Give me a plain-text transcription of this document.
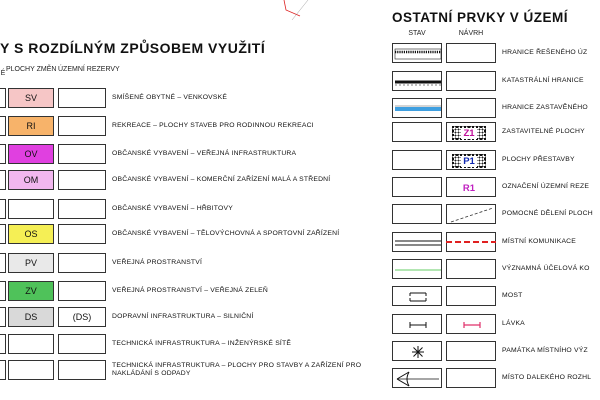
Y S ROZDÍLNÝM ZPŮSOBEM VYUŽITÍ
É
PLOCHY ZMĚN ÚZEMNÍ REZERVY
SV	SMÍŠENÉ OBYTNÉ – VENKOVSKÉ
RI	REKREACE – PLOCHY STAVEB PRO RODINNOU REKREACI
OV	OBČANSKÉ VYBAVENÍ – VEŘEJNÁ INFRASTRUKTURA
OM	OBČANSKÉ VYBAVENÍ – KOMERČNÍ ZAŘÍZENÍ MALÁ A STŘEDNÍ
OBČANSKÉ VYBAVENÍ – HŘBITOVY
OS	OBČANSKÉ VYBAVENÍ – TĚLOVÝCHOVNÁ A SPORTOVNÍ ZAŘÍZENÍ
PV	VEŘEJNÁ PROSTRANSTVÍ
ZV	VEŘEJNÁ PROSTRANSTVÍ – VEŘEJNÁ ZELEŇ
DS	(DS)	DOPRAVNÍ INFRASTRUKTURA – SILNIČNÍ
TECHNICKÁ INFRASTRUKTURA – INŽENÝRSKÉ SÍTĚ
TECHNICKÁ INFRASTRUKTURA – PLOCHY PRO STAVBY A ZAŘÍZENÍ PRO NAKLÁDÁNÍ S ODPADY
OSTATNÍ PRVKY V ÚZEMÍ
STAV	NÁVRH
HRANICE ŘEŠENÉHO ÚZ
KATASTRÁLNÍ HRANICE
HRANICE ZASTAVĚNÉHO
Z1	ZASTAVITELNÉ PLOCHY
P1	PLOCHY PŘESTAVBY
R1	OZNAČENÍ ÚZEMNÍ REZE
POMOCNÉ DĚLENÍ PLOCH
MÍSTNÍ KOMUNIKACE
VÝZNAMNÁ ÚČELOVÁ KO
MOST
LÁVKA
PAMÁTKA MÍSTNÍHO VÝZ
MÍSTO DALEKÉHO ROZHL
